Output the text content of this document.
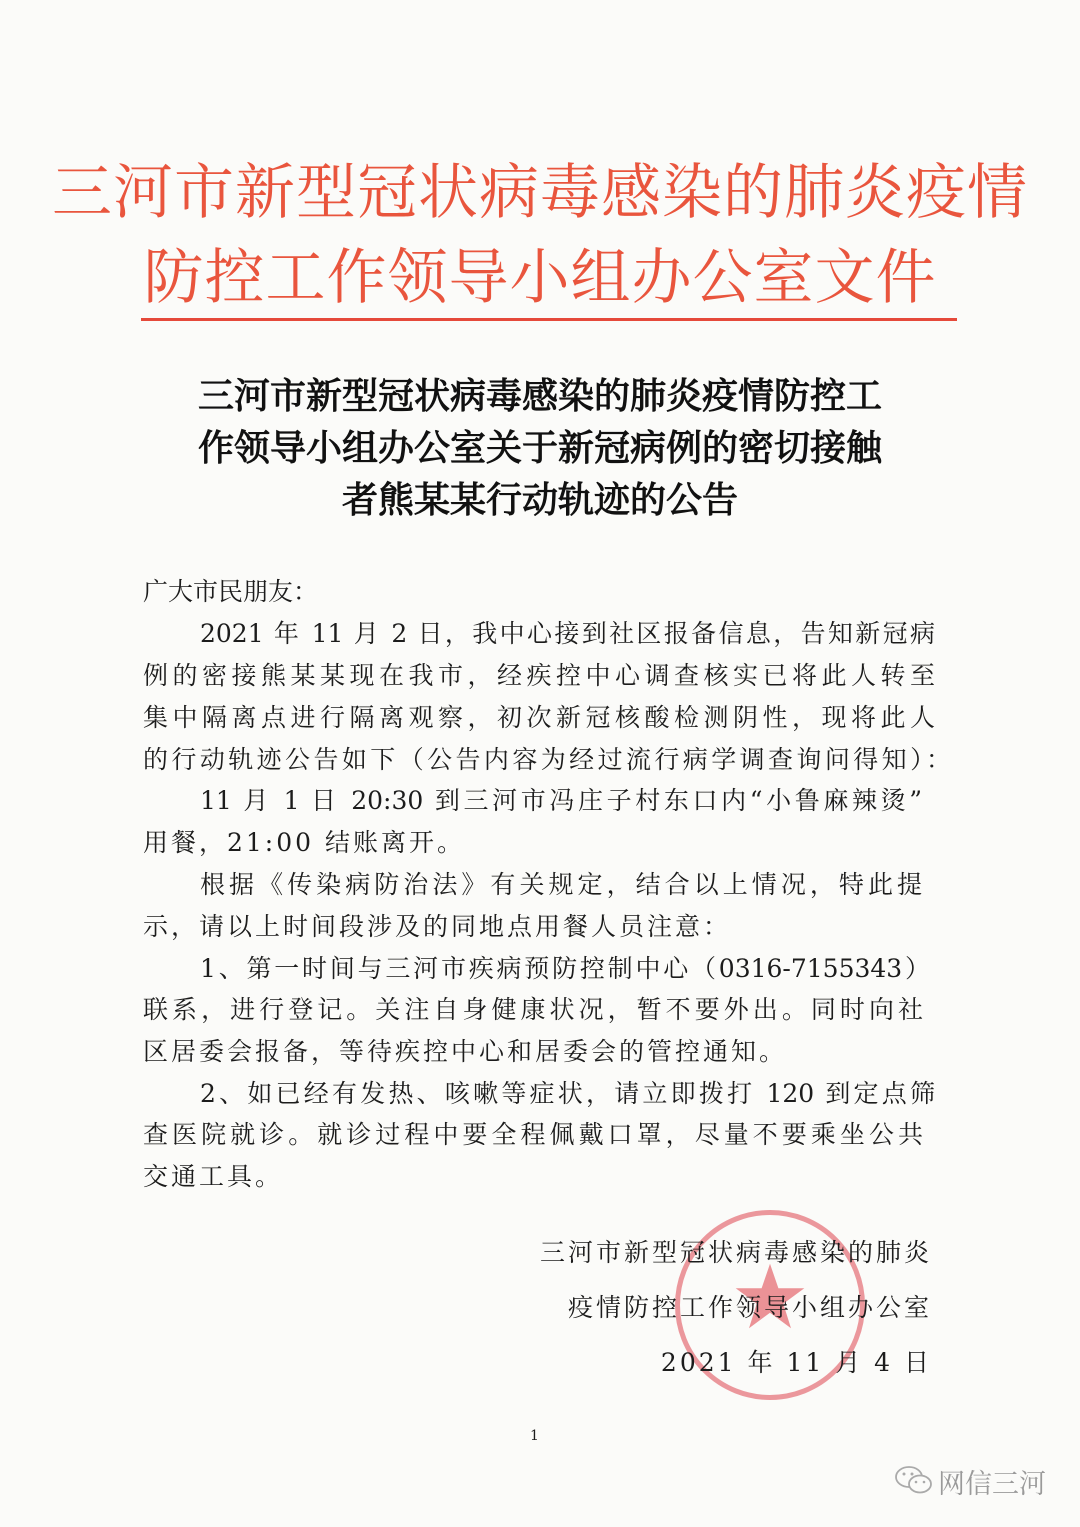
三河市新型冠状病毒感染的肺炎疫情
防控工作领导小组办公室文件
三河市新型冠状病毒感染的肺炎疫情防控工
作领导小组办公室关于新冠病例的密切接触
者熊某某行动轨迹的公告
广大市民朋友：
2021 年 11 月 2 日，我中心接到社区报备信息，告知新冠病
例的密接熊某某现在我市，经疾控中心调查核实已将此人转至
集中隔离点进行隔离观察，初次新冠核酸检测阴性，现将此人
的行动轨迹公告如下（公告内容为经过流行病学调查询问得知）：
11 月 1 日 20:30 到三河市冯庄子村东口内“小鲁麻辣烫”
用餐，21:00 结账离开。
根据《传染病防治法》有关规定，结合以上情况，特此提
示，请以上时间段涉及的同地点用餐人员注意：
1、第一时间与三河市疾病预防控制中心（0316-7155343）
联系，进行登记。关注自身健康状况，暂不要外出。同时向社
区居委会报备，等待疾控中心和居委会的管控通知。
2、如已经有发热、咳嗽等症状，请立即拨打 120 到定点筛
查医院就诊。就诊过程中要全程佩戴口罩，尽量不要乘坐公共
交通工具。
三河市新型冠状病毒感染的肺炎
疫情防控工作领导小组办公室
2021 年 11 月 4 日
1
网信三河
